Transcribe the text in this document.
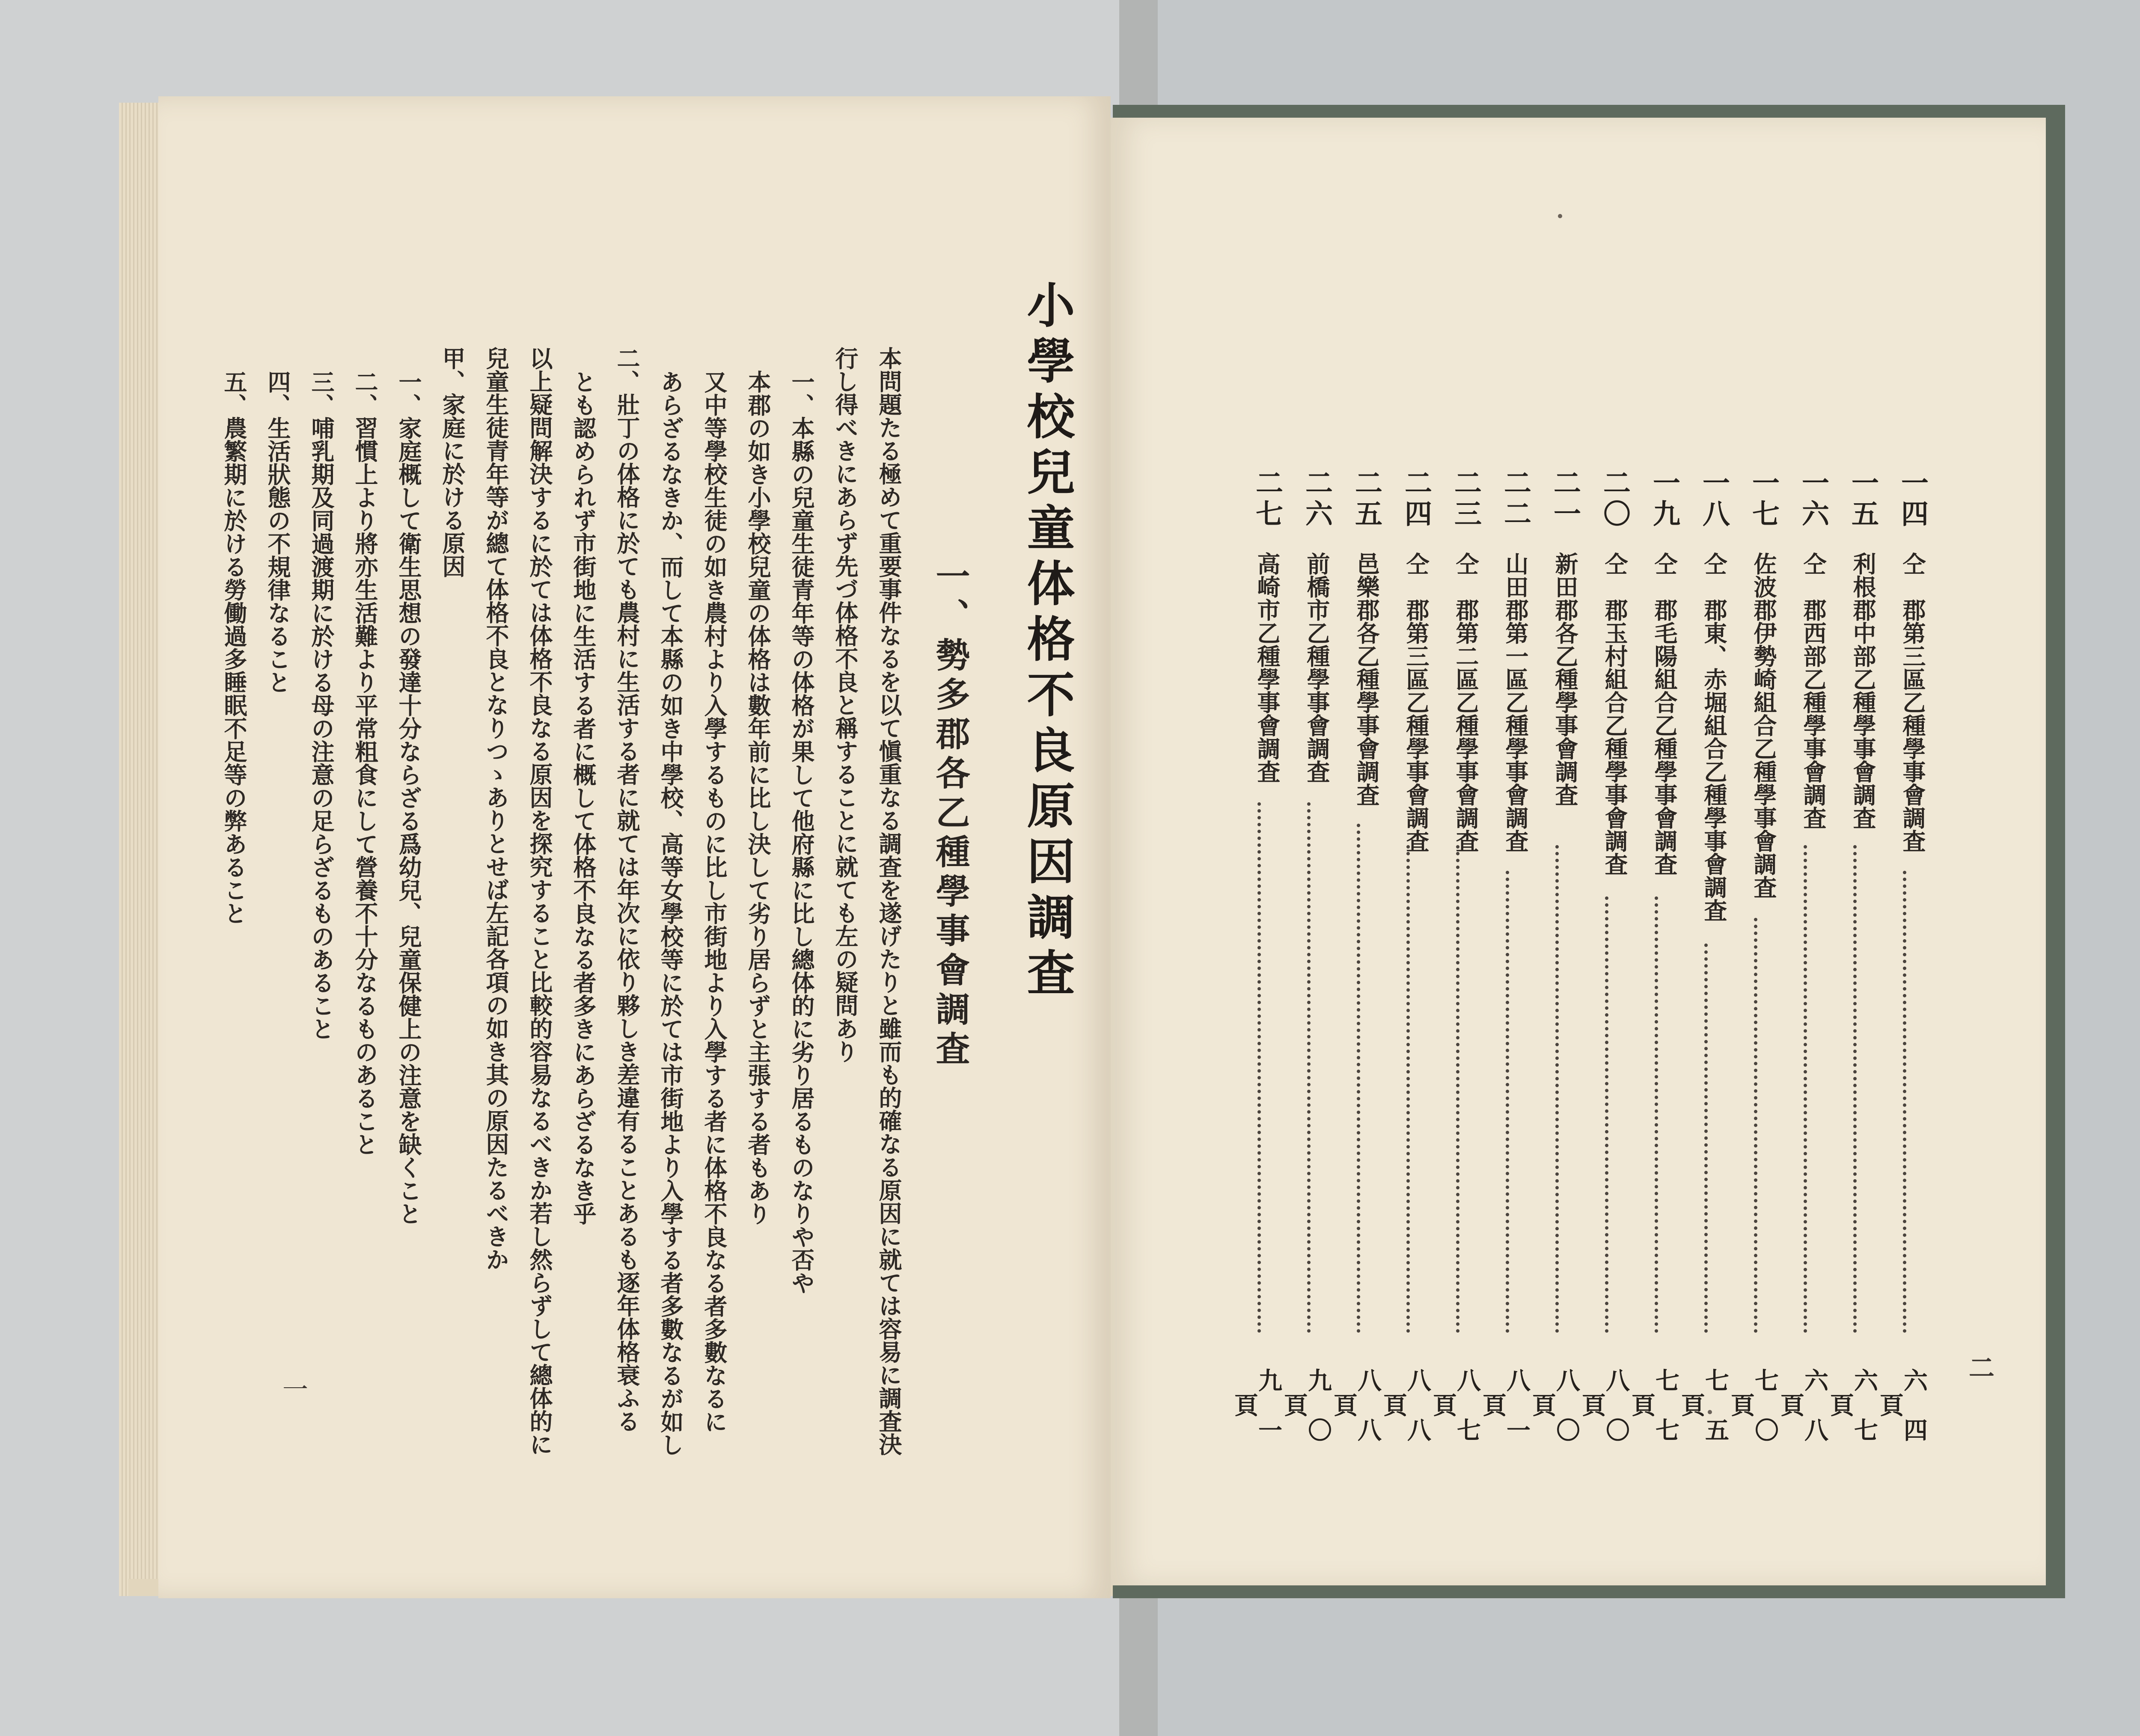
小學校兒童体格不良原因調査
一、勢多郡各乙種學事會調査
本問題たる極めて重要事件なるを以て愼重なる調査を遂げたりと雖而も的確なる原因に就ては容易に調査決
行し得べきにあらず先づ体格不良と稱することに就ても左の疑問あり
一、本縣の兒童生徒青年等の体格が果して他府縣に比し總体的に劣り居るものなりや否や
本郡の如き小學校兒童の体格は數年前に比し決して劣り居らずと主張する者もあり
又中等學校生徒の如き農村より入學するものに比し市街地より入學する者に体格不良なる者多數なるに
あらざるなきか、而して本縣の如き中學校、高等女學校等に於ては市街地より入學する者多數なるが如し
二、壯丁の体格に於ても農村に生活する者に就ては年次に依り夥しき差違有ることあるも逐年体格衰ふる
とも認められず市街地に生活する者に概して体格不良なる者多きにあらざるなき乎
以上疑問解決するに於ては体格不良なる原因を探究すること比較的容易なるべきか若し然らずして總体的に
兒童生徒青年等が總て体格不良となりつゝありとせば左記各項の如き其の原因たるべきか
甲、家庭に於ける原因
一、家庭概して衛生思想の發達十分ならざる爲幼兒、兒童保健上の注意を缺くこと
二、習慣上より將亦生活難より平常粗食にして營養不十分なるものあること
三、哺乳期及同過渡期に於ける母の注意の足らざるものあること
四、生活狀態の不規律なること
五、農繁期に於ける勞働過多睡眠不足等の弊あること
一
二
一四
仝　郡第三區乙種學事會調査
六四頁
一五
利根郡中部乙種學事會調査
六七頁
一六
仝　郡西部乙種學事會調査
六八頁
一七
佐波郡伊勢崎組合乙種學事會調査
七〇頁
一八
仝　郡東、赤堀組合乙種學事會調査
七五頁
一九
仝　郡毛陽組合乙種學事會調査
七七頁
二〇
仝　郡玉村組合乙種學事會調査
八〇頁
二一
新田郡各乙種學事會調査
八〇頁
二二
山田郡第一區乙種學事會調査
八一頁
二三
仝　郡第二區乙種學事會調査
八七頁
二四
仝　郡第三區乙種學事會調査
八八頁
二五
邑樂郡各乙種學事會調査
八八頁
二六
前橋市乙種學事會調査
九〇頁
二七
高崎市乙種學事會調査
九一頁
